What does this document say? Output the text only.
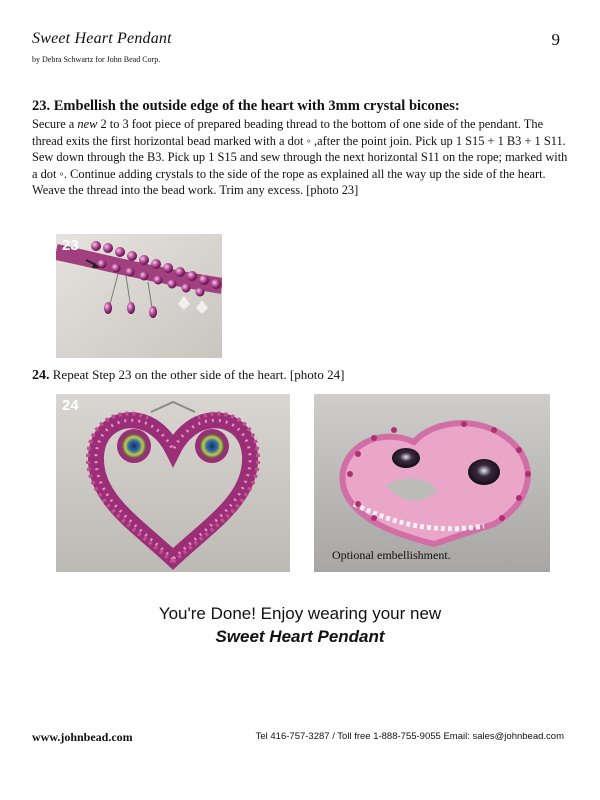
Sweet Heart Pendant	9
by Debra Schwartz for John Bead Corp.
23. Embellish the outside edge of the heart with 3mm crystal bicones:

Secure a new 2 to 3 foot piece of prepared beading thread to the bottom of one side of the pendant. The thread exits the first horizontal bead marked with a dot ◦ ,after the point join. Pick up 1 S15 + 1 B3 + 1 S11. Sew down through the B3. Pick up 1 S15 and sew through the next horizontal S11 on the rope; marked with a dot ◦. Continue adding crystals to the side of the rope as explained all the way up the side of the heart. Weave the thread into the bead work. Trim any excess. [photo 23]

23
24. Repeat Step 23 on the other side of the heart. [photo 24]
24
Optional embellishment.

You're Done! Enjoy wearing your new

Sweet Heart Pendant

www.johnbead.com	Tel 416-757-3287 / Toll free 1-888-755-9055 Email: sales@johnbead.com
